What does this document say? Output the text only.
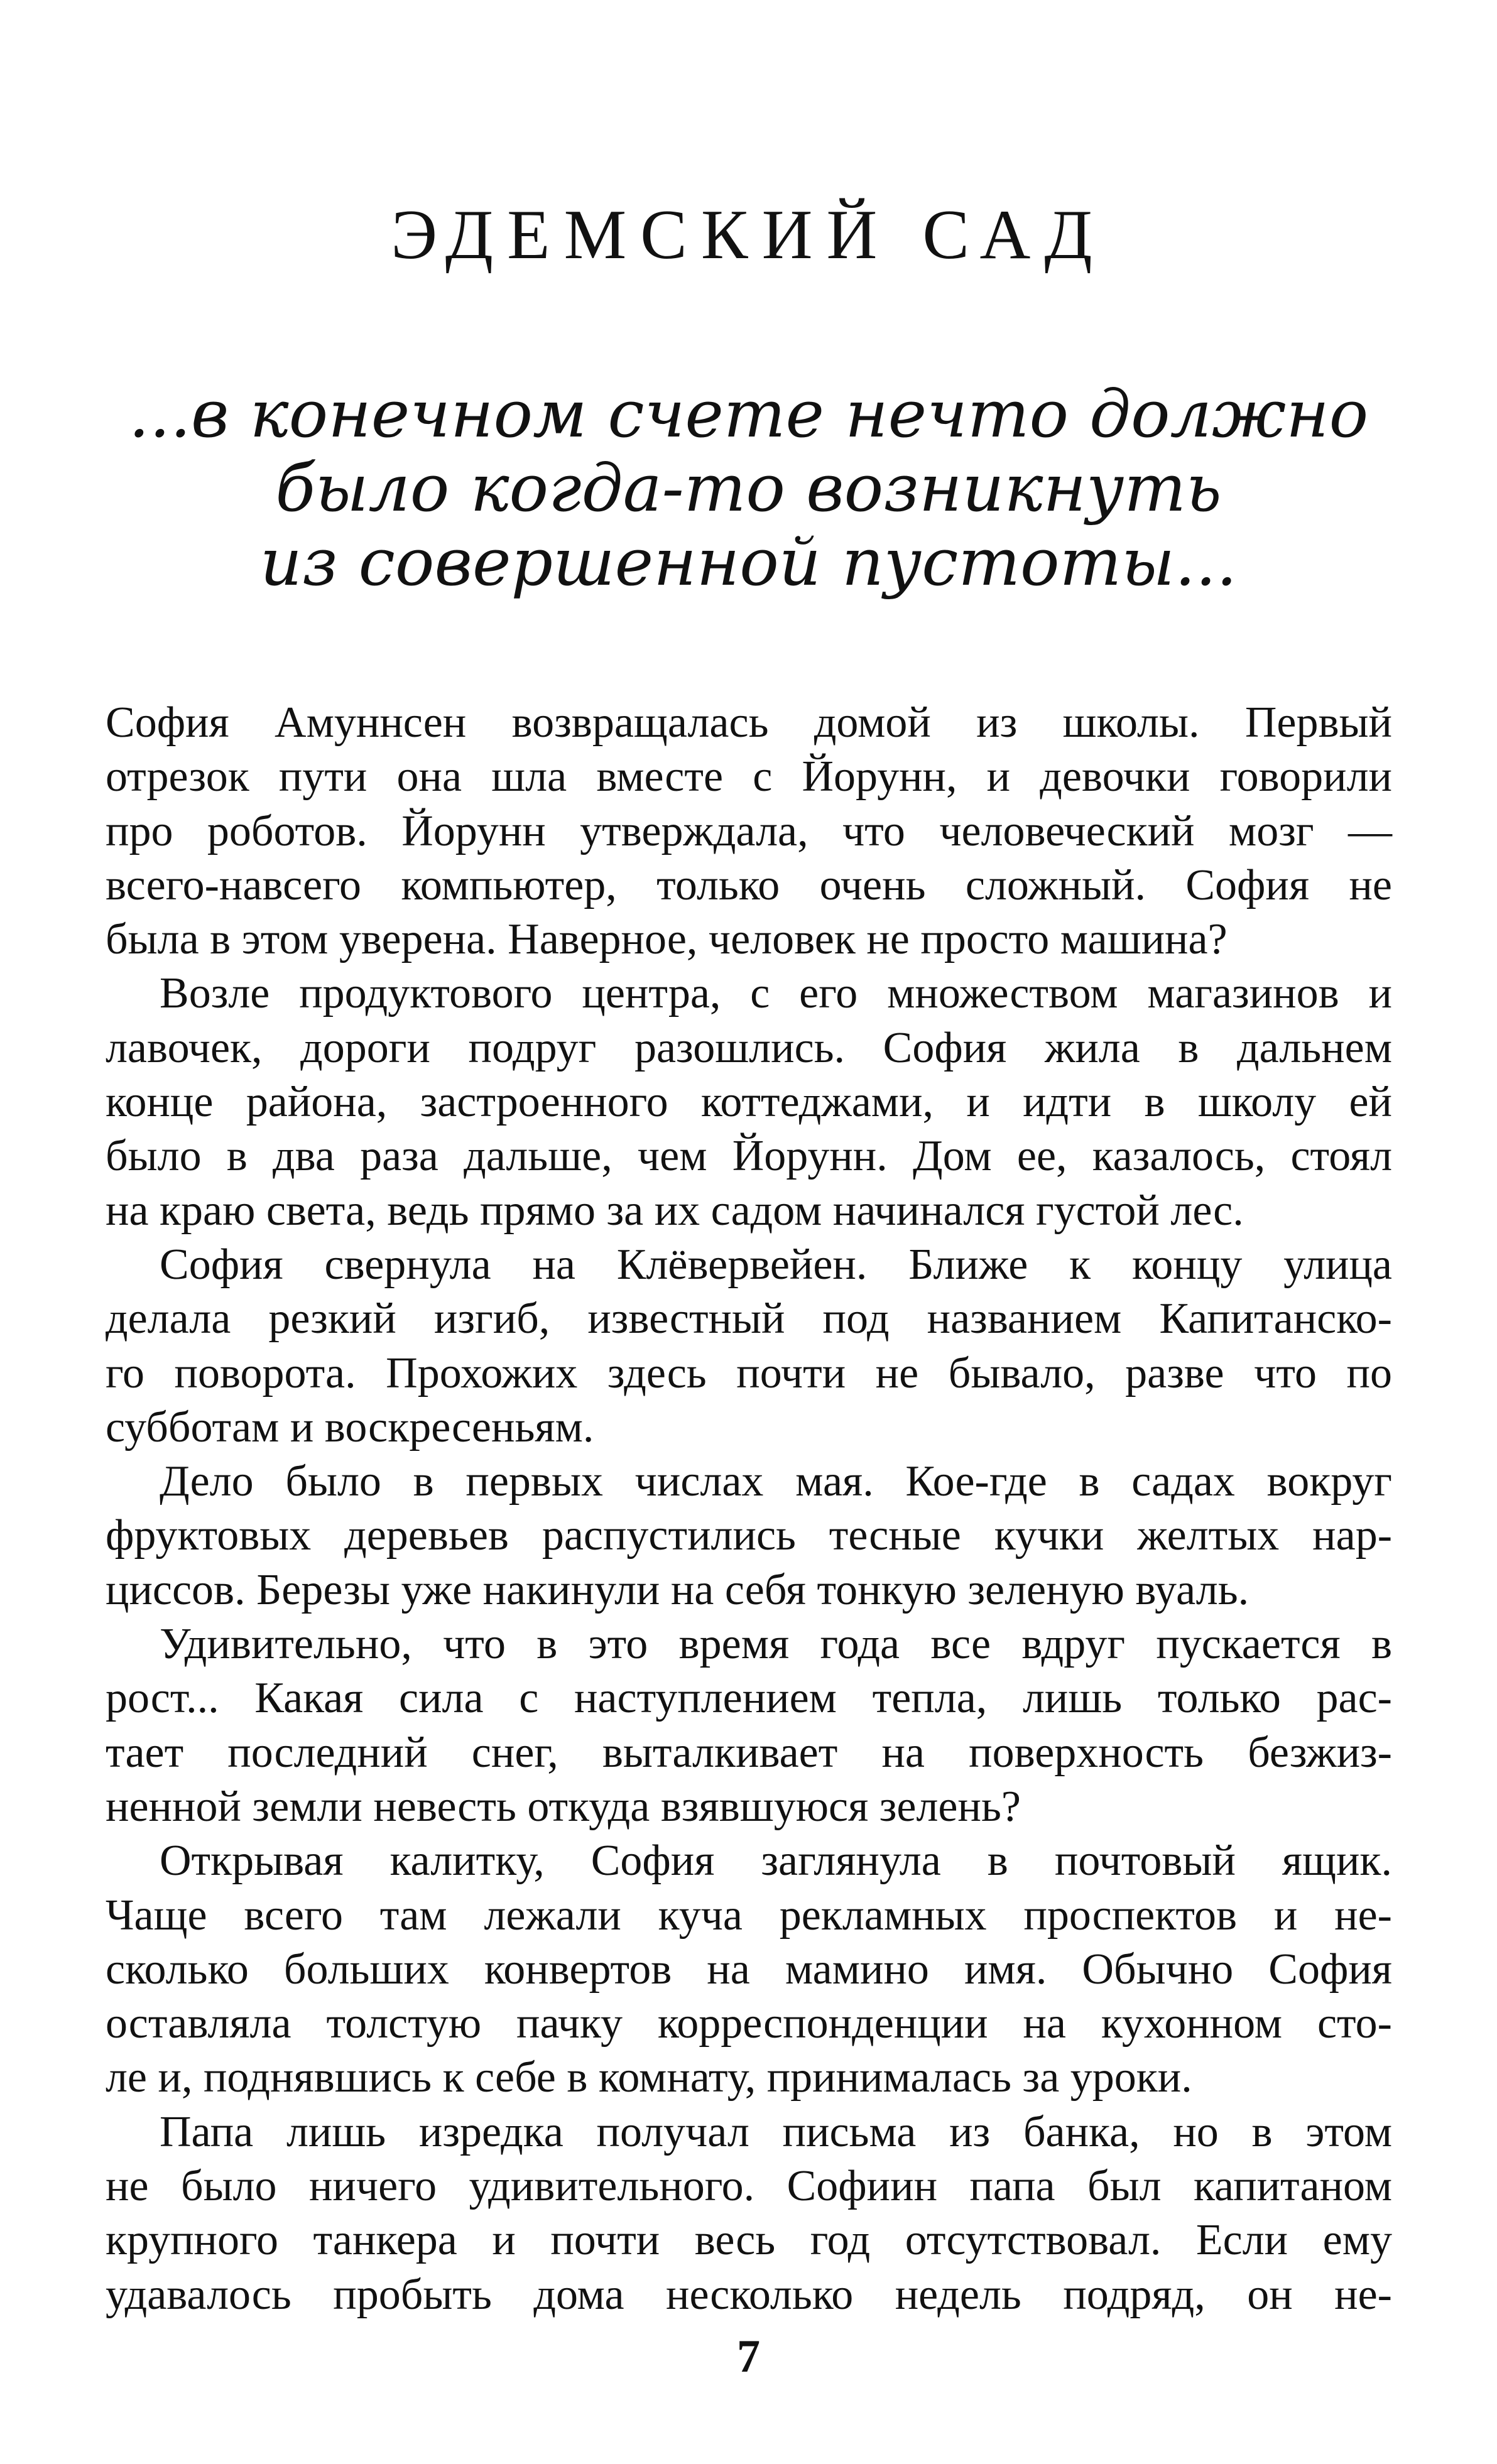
ЭДЕМСКИЙ САД
...в конечном счете нечто должно
было когда-то возникнуть
из совершенной пустоты...
София Амуннсен возвращалась домой из школы. Первый
отрезок пути она шла вместе с Йорунн, и девочки говорили
про роботов. Йорунн утверждала, что человеческий мозг —
всего-навсего компьютер, только очень сложный. София не
была в этом уверена. Наверное, человек не просто машина?
Возле продуктового центра, с его множеством магазинов и
лавочек, дороги подруг разошлись. София жила в дальнем
конце района, застроенного коттеджами, и идти в школу ей
было в два раза дальше, чем Йорунн. Дом ее, казалось, стоял
на краю света, ведь прямо за их садом начинался густой лес.
София свернула на Клёвервейен. Ближе к концу улица
делала резкий изгиб, известный под названием Капитанско-
го поворота. Прохожих здесь почти не бывало, разве что по
субботам и воскресеньям.
Дело было в первых числах мая. Кое-где в садах вокруг
фруктовых деревьев распустились тесные кучки желтых нар-
циссов. Березы уже накинули на себя тонкую зеленую вуаль.
Удивительно, что в это время года все вдруг пускается в
рост... Какая сила с наступлением тепла, лишь только рас-
тает последний снег, выталкивает на поверхность безжиз-
ненной земли невесть откуда взявшуюся зелень?
Открывая калитку, София заглянула в почтовый ящик.
Чаще всего там лежали куча рекламных проспектов и не-
сколько больших конвертов на мамино имя. Обычно София
оставляла толстую пачку корреспонденции на кухонном сто-
ле и, поднявшись к себе в комнату, принималась за уроки.
Папа лишь изредка получал письма из банка, но в этом
не было ничего удивительного. Софиин папа был капитаном
крупного танкера и почти весь год отсутствовал. Если ему
удавалось пробыть дома несколько недель подряд, он не-
7
